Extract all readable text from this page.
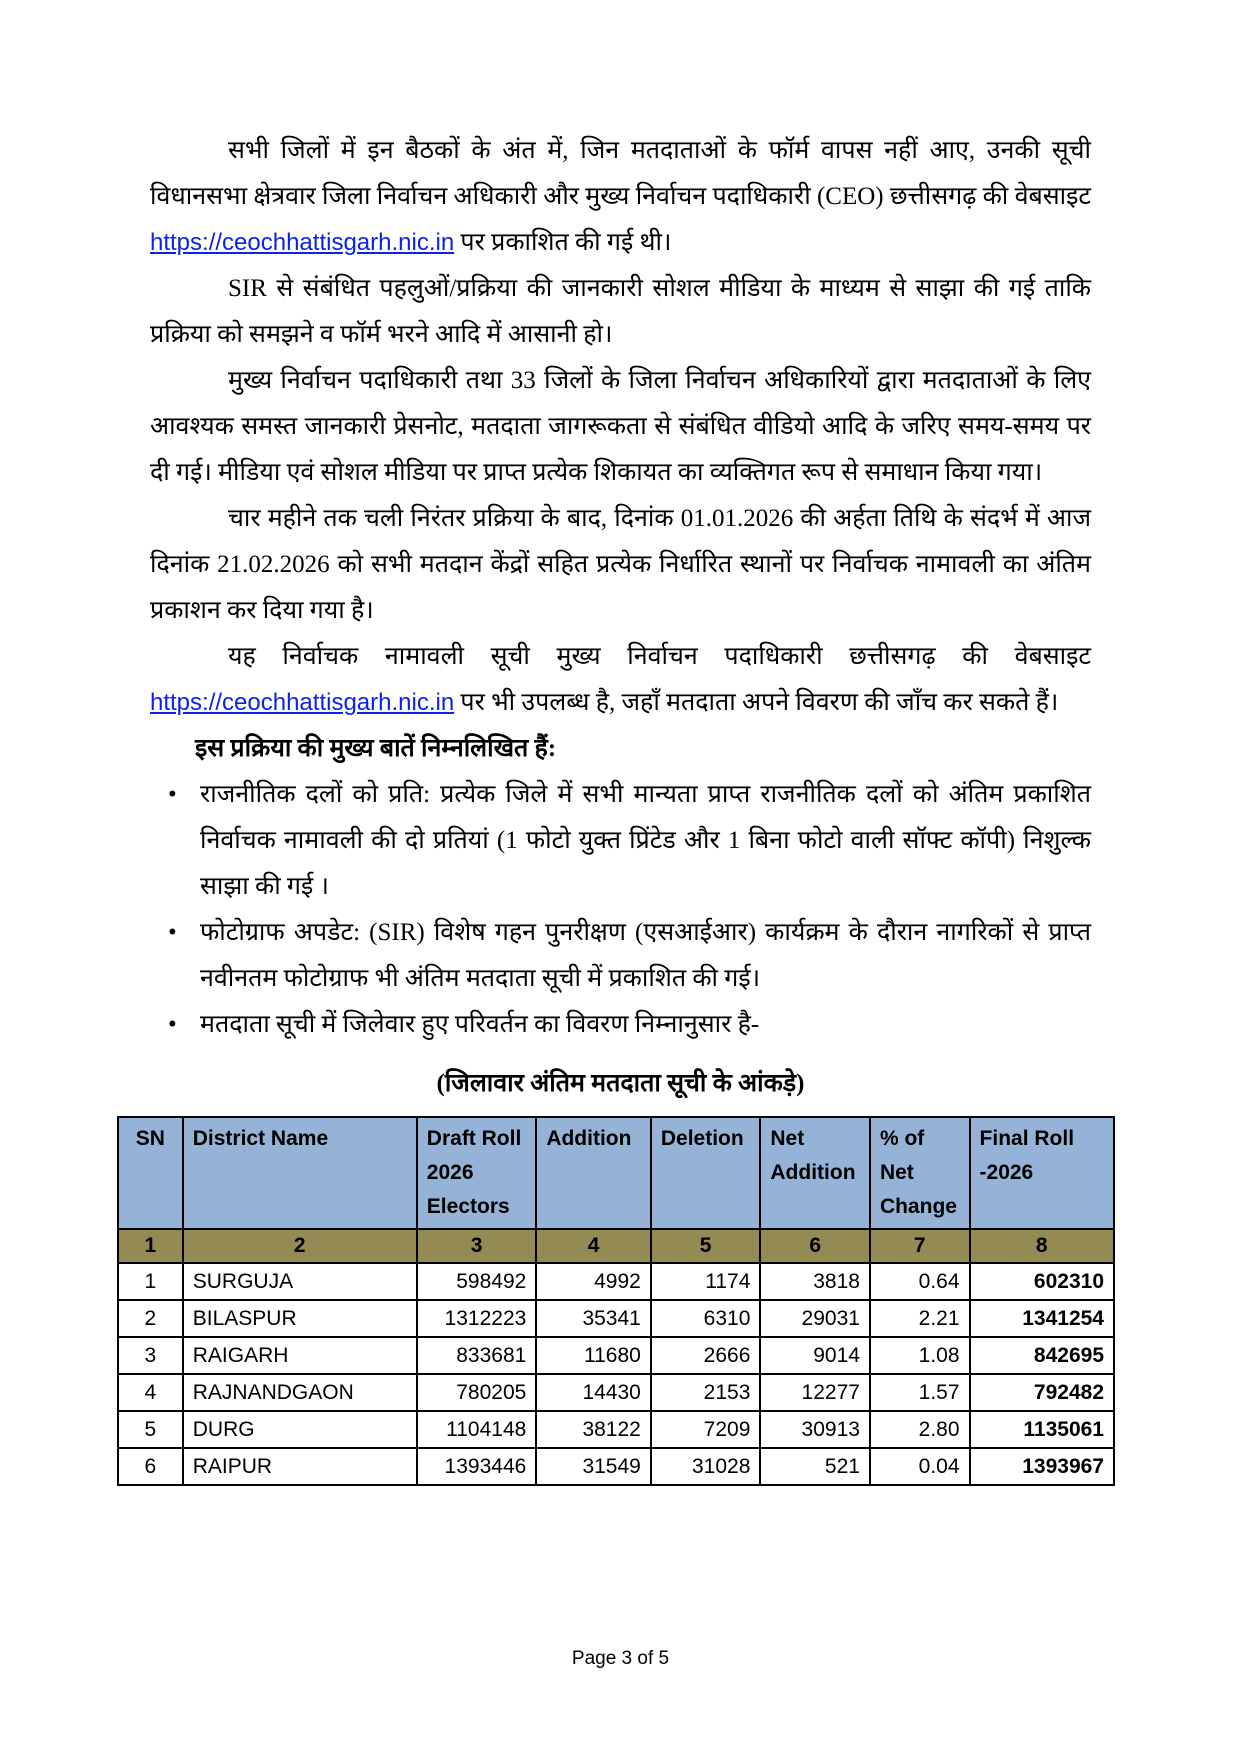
सभी जिलों में इन बैठकों के अंत में, जिन मतदाताओं के फॉर्म वापस नहीं आए, उनकी सूची विधानसभा क्षेत्रवार जिला निर्वाचन अधिकारी और मुख्य निर्वाचन पदाधिकारी (CEO) छत्तीसगढ़ की वेबसाइट https://ceochhattisgarh.nic.in पर प्रकाशित की गई थी।

SIR से संबंधित पहलुओं/प्रक्रिया की जानकारी सोशल मीडिया के माध्यम से साझा की गई ताकि प्रक्रिया को समझने व फॉर्म भरने आदि में आसानी हो।

मुख्य निर्वाचन पदाधिकारी तथा 33 जिलों के जिला निर्वाचन अधिकारियों द्वारा मतदाताओं के लिए आवश्यक समस्त जानकारी प्रेसनोट, मतदाता जागरूकता से संबंधित वीडियो आदि के जरिए समय-समय पर दी गई। मीडिया एवं सोशल मीडिया पर प्राप्त प्रत्येक शिकायत का व्यक्तिगत रूप से समाधान किया गया।

चार महीने तक चली निरंतर प्रक्रिया के बाद, दिनांक 01.01.2026 की अर्हता तिथि के संदर्भ में आज दिनांक 21.02.2026 को सभी मतदान केंद्रों सहित प्रत्येक निर्धारित स्थानों पर निर्वाचक नामावली का अंतिम प्रकाशन कर दिया गया है।

यह निर्वाचक नामावली सूची मुख्य निर्वाचन पदाधिकारी छत्तीसगढ़ की वेबसाइट https://ceochhattisgarh.nic.in पर भी उपलब्ध है, जहाँ मतदाता अपने विवरण की जाँच कर सकते हैं।

इस प्रक्रिया की मुख्य बातें निम्नलिखित हैं:

• राजनीतिक दलों को प्रति: प्रत्येक जिले में सभी मान्यता प्राप्त राजनीतिक दलों को अंतिम प्रकाशित निर्वाचक नामावली की दो प्रतियां (1 फोटो युक्त प्रिंटेड और 1 बिना फोटो वाली सॉफ्ट कॉपी) निशुल्क साझा की गई ।
• फोटोग्राफ अपडेट: (SIR) विशेष गहन पुनरीक्षण (एसआईआर) कार्यक्रम के दौरान नागरिकों से प्राप्त नवीनतम फोटोग्राफ भी अंतिम मतदाता सूची में प्रकाशित की गई।
• मतदाता सूची में जिलेवार हुए परिवर्तन का विवरण निम्नानुसार है-

(जिलावार अंतिम मतदाता सूची के आंकड़े)

SN	District Name	Draft Roll 2026 Electors	Addition	Deletion	Net Addition	% of Net Change	Final Roll -2026
1	2	3	4	5	6	7	8
1	SURGUJA	598492	4992	1174	3818	0.64	602310
2	BILASPUR	1312223	35341	6310	29031	2.21	1341254
3	RAIGARH	833681	11680	2666	9014	1.08	842695
4	RAJNANDGAON	780205	14430	2153	12277	1.57	792482
5	DURG	1104148	38122	7209	30913	2.80	1135061
6	RAIPUR	1393446	31549	31028	521	0.04	1393967
Page 3 of 5
